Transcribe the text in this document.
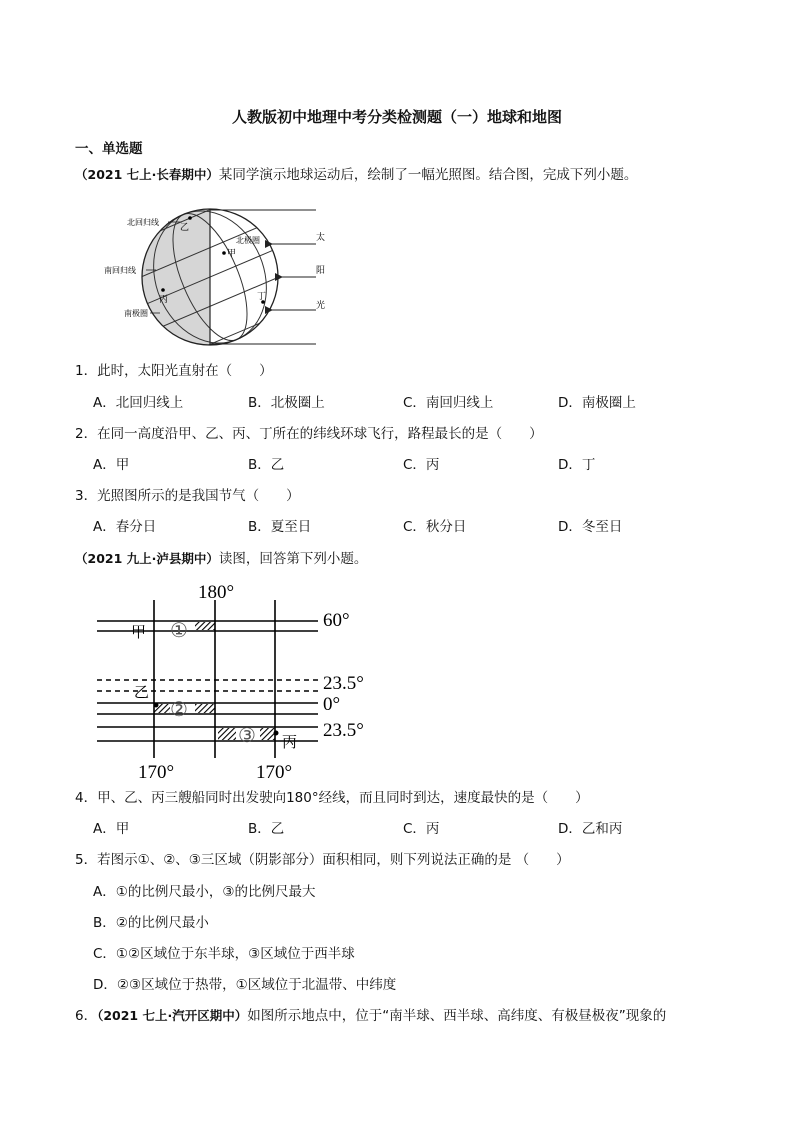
人教版初中地理中考分类检测题（一）地球和地图
一、单选题
（2021 七上·长春期中）某同学演示地球运动后，绘制了一幅光照图。结合图，完成下列小题。
北回归线
南回归线
南极圈
北极圈
乙
甲
丙	丁
太
阳
光
1．此时，太阳光直射在（　　）
A．北回归线上	B．北极圈上	C．南回归线上	D．南极圈上
2．在同一高度沿甲、乙、丙、丁所在的纬线环球飞行，路程最长的是（　　）
A．甲	B．乙	C．丙	D．丁
3．光照图所示的是我国节气（　　）
A．春分日	B．夏至日	C．秋分日	D．冬至日
（2021 九上·泸县期中）读图，回答第下列小题。
180°
60°
23.5°
0°
23.5°
170°	170°
甲
乙
丙
①
②
③
4．甲、乙、丙三艘船同时出发驶向180°经线，而且同时到达，速度最快的是（　　）
A．甲	B．乙	C．丙	D．乙和丙
5．若图示①、②、③三区域（阴影部分）面积相同，则下列说法正确的是 （　　）
A．①的比例尺最小，③的比例尺最大
B．②的比例尺最小
C．①②区域位于东半球，③区域位于西半球
D．②③区域位于热带，①区域位于北温带、中纬度
6．（2021 七上·汽开区期中）如图所示地点中，位于“南半球、西半球、高纬度、有极昼极夜”现象的
